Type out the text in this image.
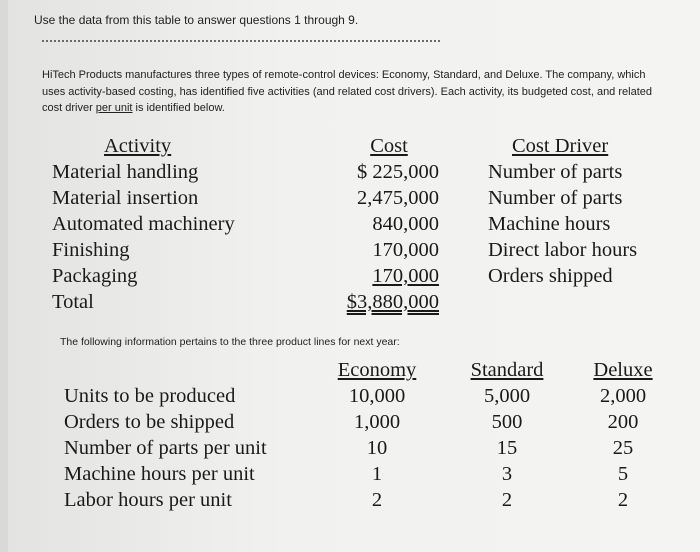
Use the data from this table to answer questions 1 through 9.
HiTech Products manufactures three types of remote-control devices: Economy, Standard, and Deluxe. The company, which uses activity-based costing, has identified five activities (and related cost drivers). Each activity, its budgeted cost, and related cost driver per unit is identified below.
Activity
Material handling
Material insertion
Automated machinery
Finishing
Packaging
Total
Cost
$ 225,000
2,475,000
840,000
170,000
170,000
$3,880,000
Cost Driver
Number of parts
Number of parts
Machine hours
Direct labor hours
Orders shipped
The following information pertains to the three product lines for next year:
Units to be produced
Orders to be shipped
Number of parts per unit
Machine hours per unit
Labor hours per unit
Economy
10,000
1,000
10
1
2
Standard
5,000
500
15
3
2
Deluxe
2,000
200
25
5
2
